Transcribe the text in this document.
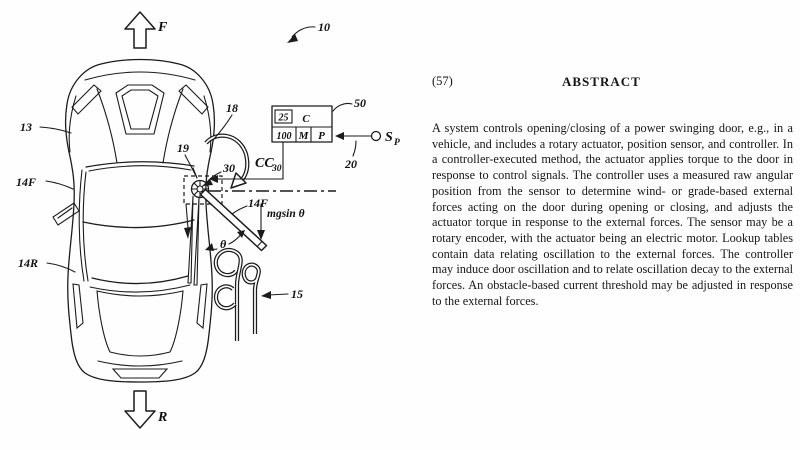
F
R
10
13
14F
14R
18
19
30
14F
mgsin θ
θ
15
25 C
100 M P
50
S P
20
CC
30
(57)	ABSTRACT
A system controls opening/closing of a power swinging door, e.g., in a vehicle, and includes a rotary actuator, position sensor, and controller. In a controller-executed method, the actuator applies torque to the door in response to control signals. The controller uses a measured raw angular position from the sensor to determine wind- or grade-based external forces acting on the door during opening or closing, and adjusts the actuator torque in response to the external forces. The sensor may be a rotary encoder, with the actuator being an electric motor. Lookup tables contain data relating oscillation to the external forces. The controller may induce door oscillation and to relate oscillation decay to the external forces. An obstacle-based current threshold may be adjusted in response to the external forces.
